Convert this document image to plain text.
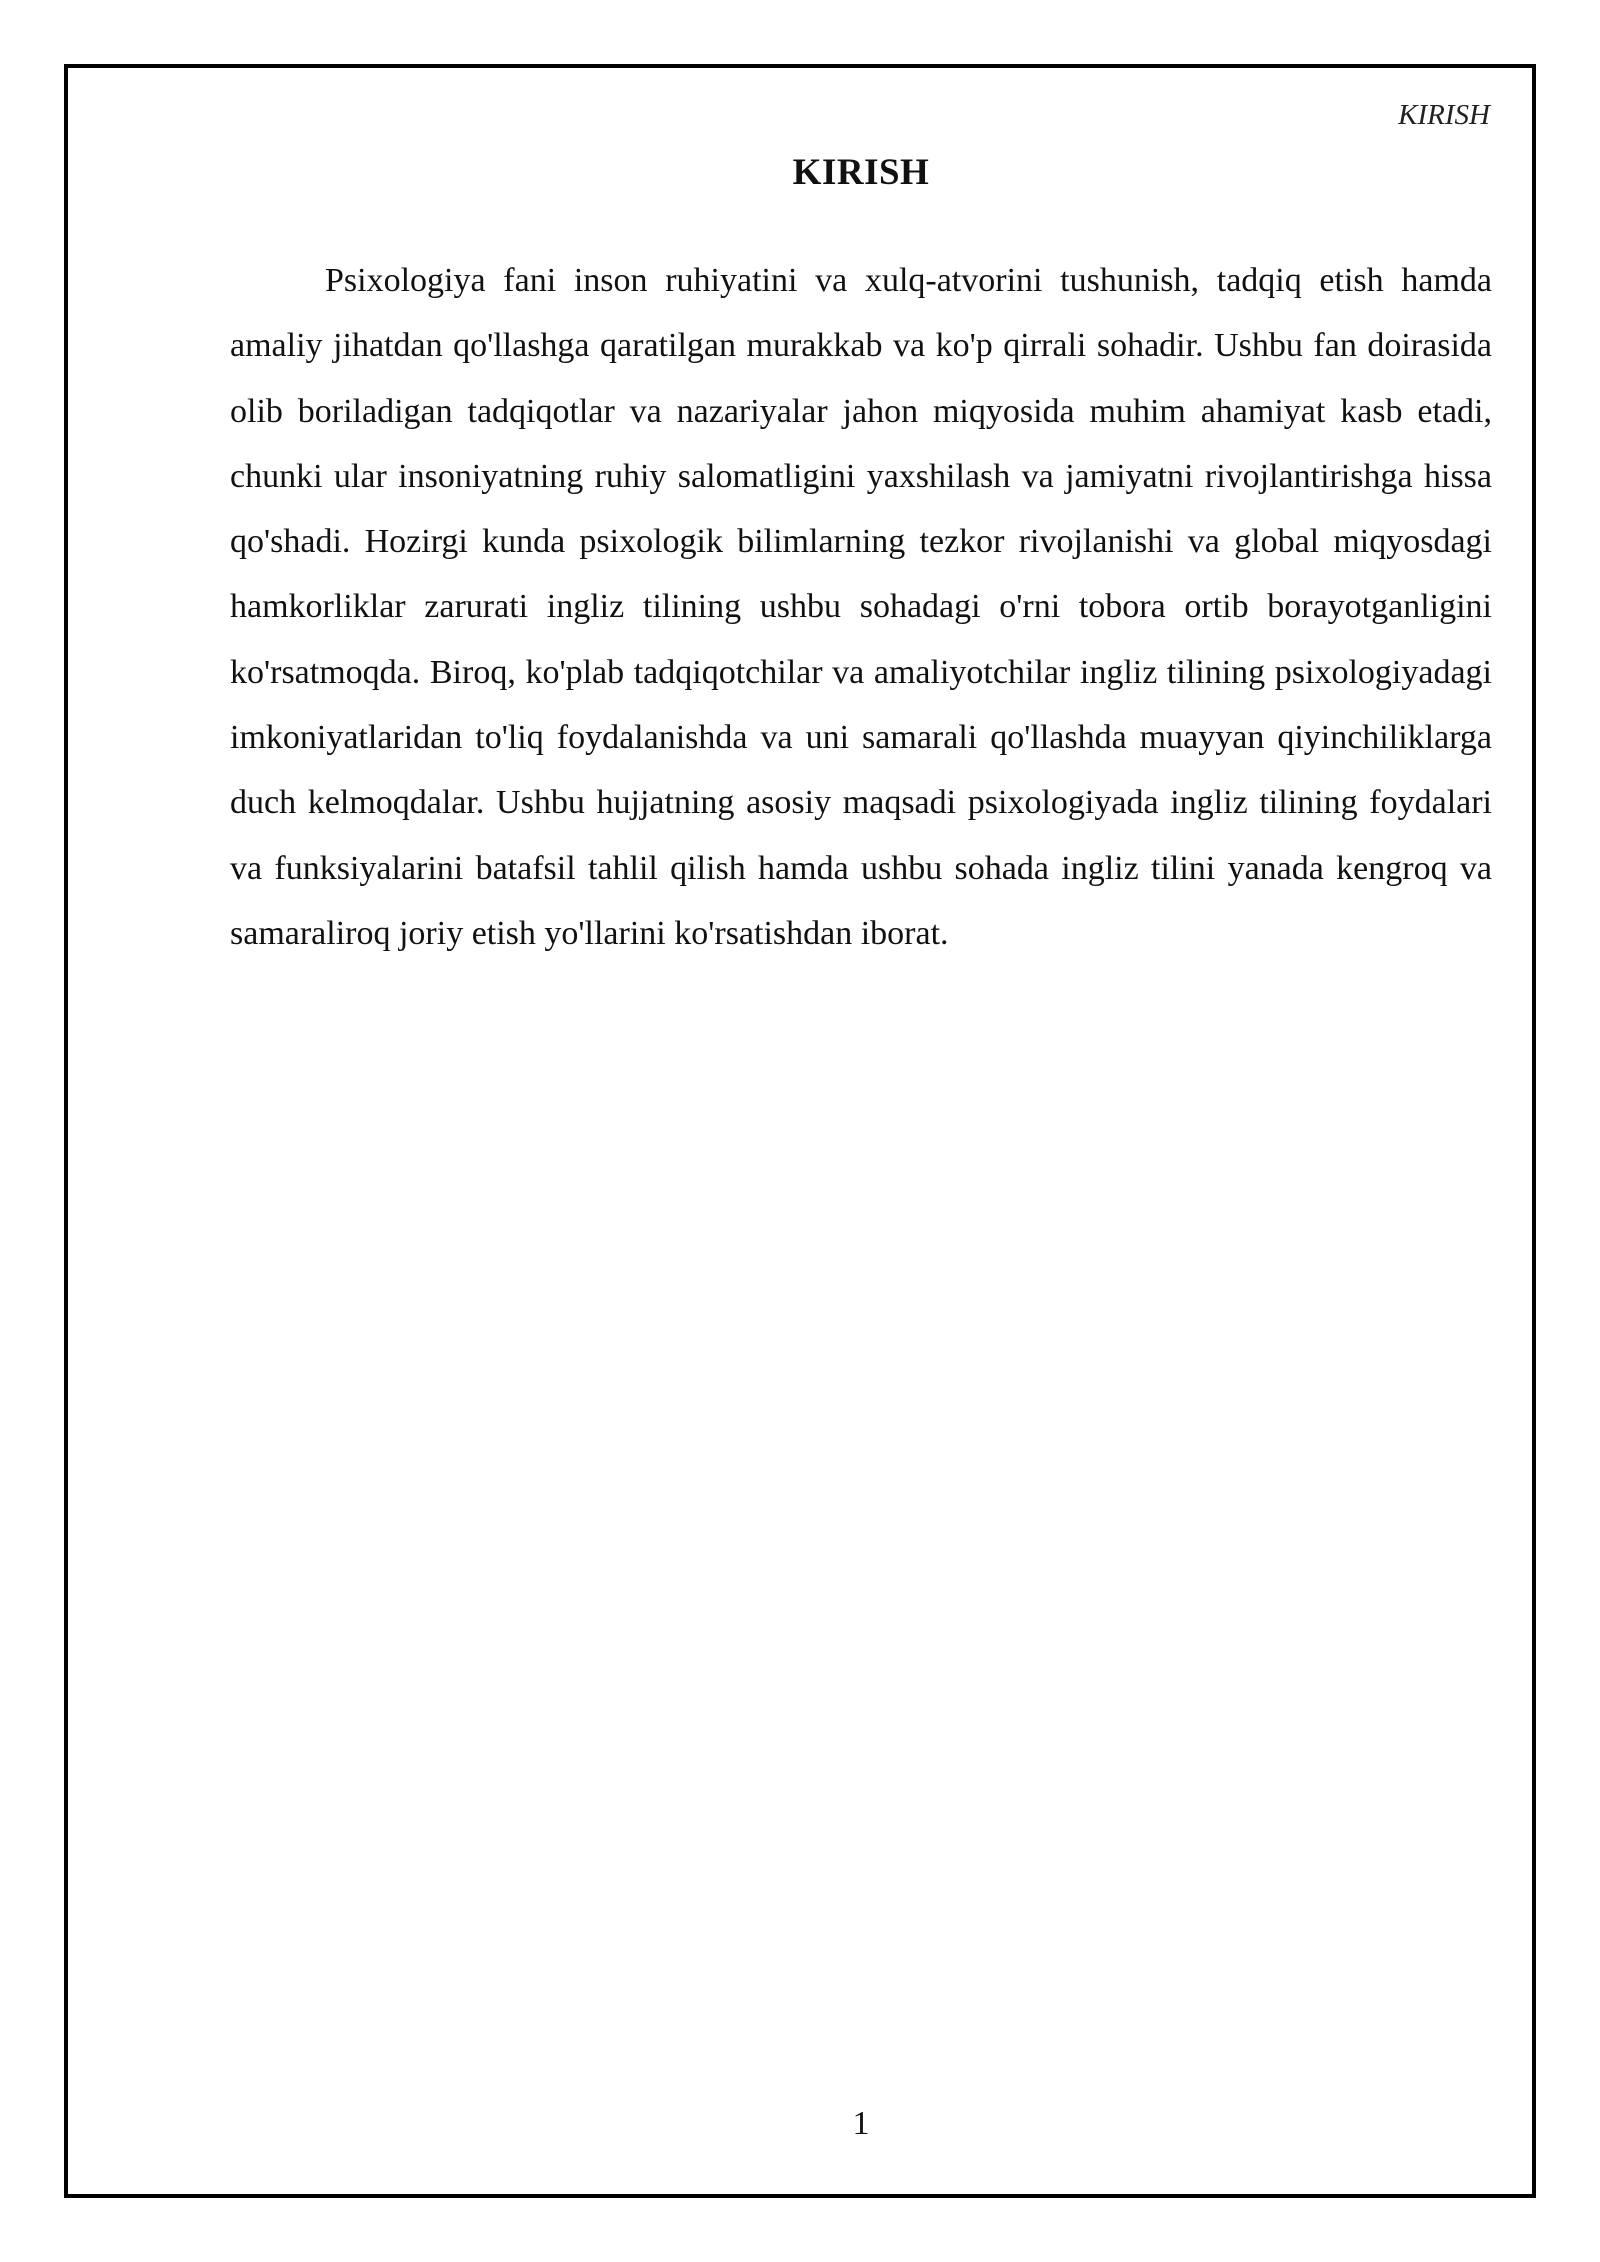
KIRISH
KIRISH

Psixologiya fani inson ruhiyatini va xulq-atvorini tushunish, tadqiq etish hamda amaliy jihatdan qo'llashga qaratilgan murakkab va ko'p qirrali sohadir. Ushbu fan doirasida olib boriladigan tadqiqotlar va nazariyalar jahon miqyosida muhim ahamiyat kasb etadi, chunki ular insoniyatning ruhiy salomatligini yaxshilash va jamiyatni rivojlantirishga hissa qo'shadi. Hozirgi kunda psixologik bilimlarning tezkor rivojlanishi va global miqyosdagi hamkorliklar zarurati ingliz tilining ushbu sohadagi o'rni tobora ortib borayotganligini ko'rsatmoqda. Biroq, ko'plab tadqiqotchilar va amaliyotchilar ingliz tilining psixologiyadagi imkoniyatlaridan to'liq foydalanishda va uni samarali qo'llashda muayyan qiyinchiliklarga duch kelmoqdalar. Ushbu hujjatning asosiy maqsadi psixologiyada ingliz tilining foydalari va funksiyalarini batafsil tahlil qilish hamda ushbu sohada ingliz tilini yanada kengroq va samaraliroq joriy etish yo'llarini ko'rsatishdan iborat.

1
